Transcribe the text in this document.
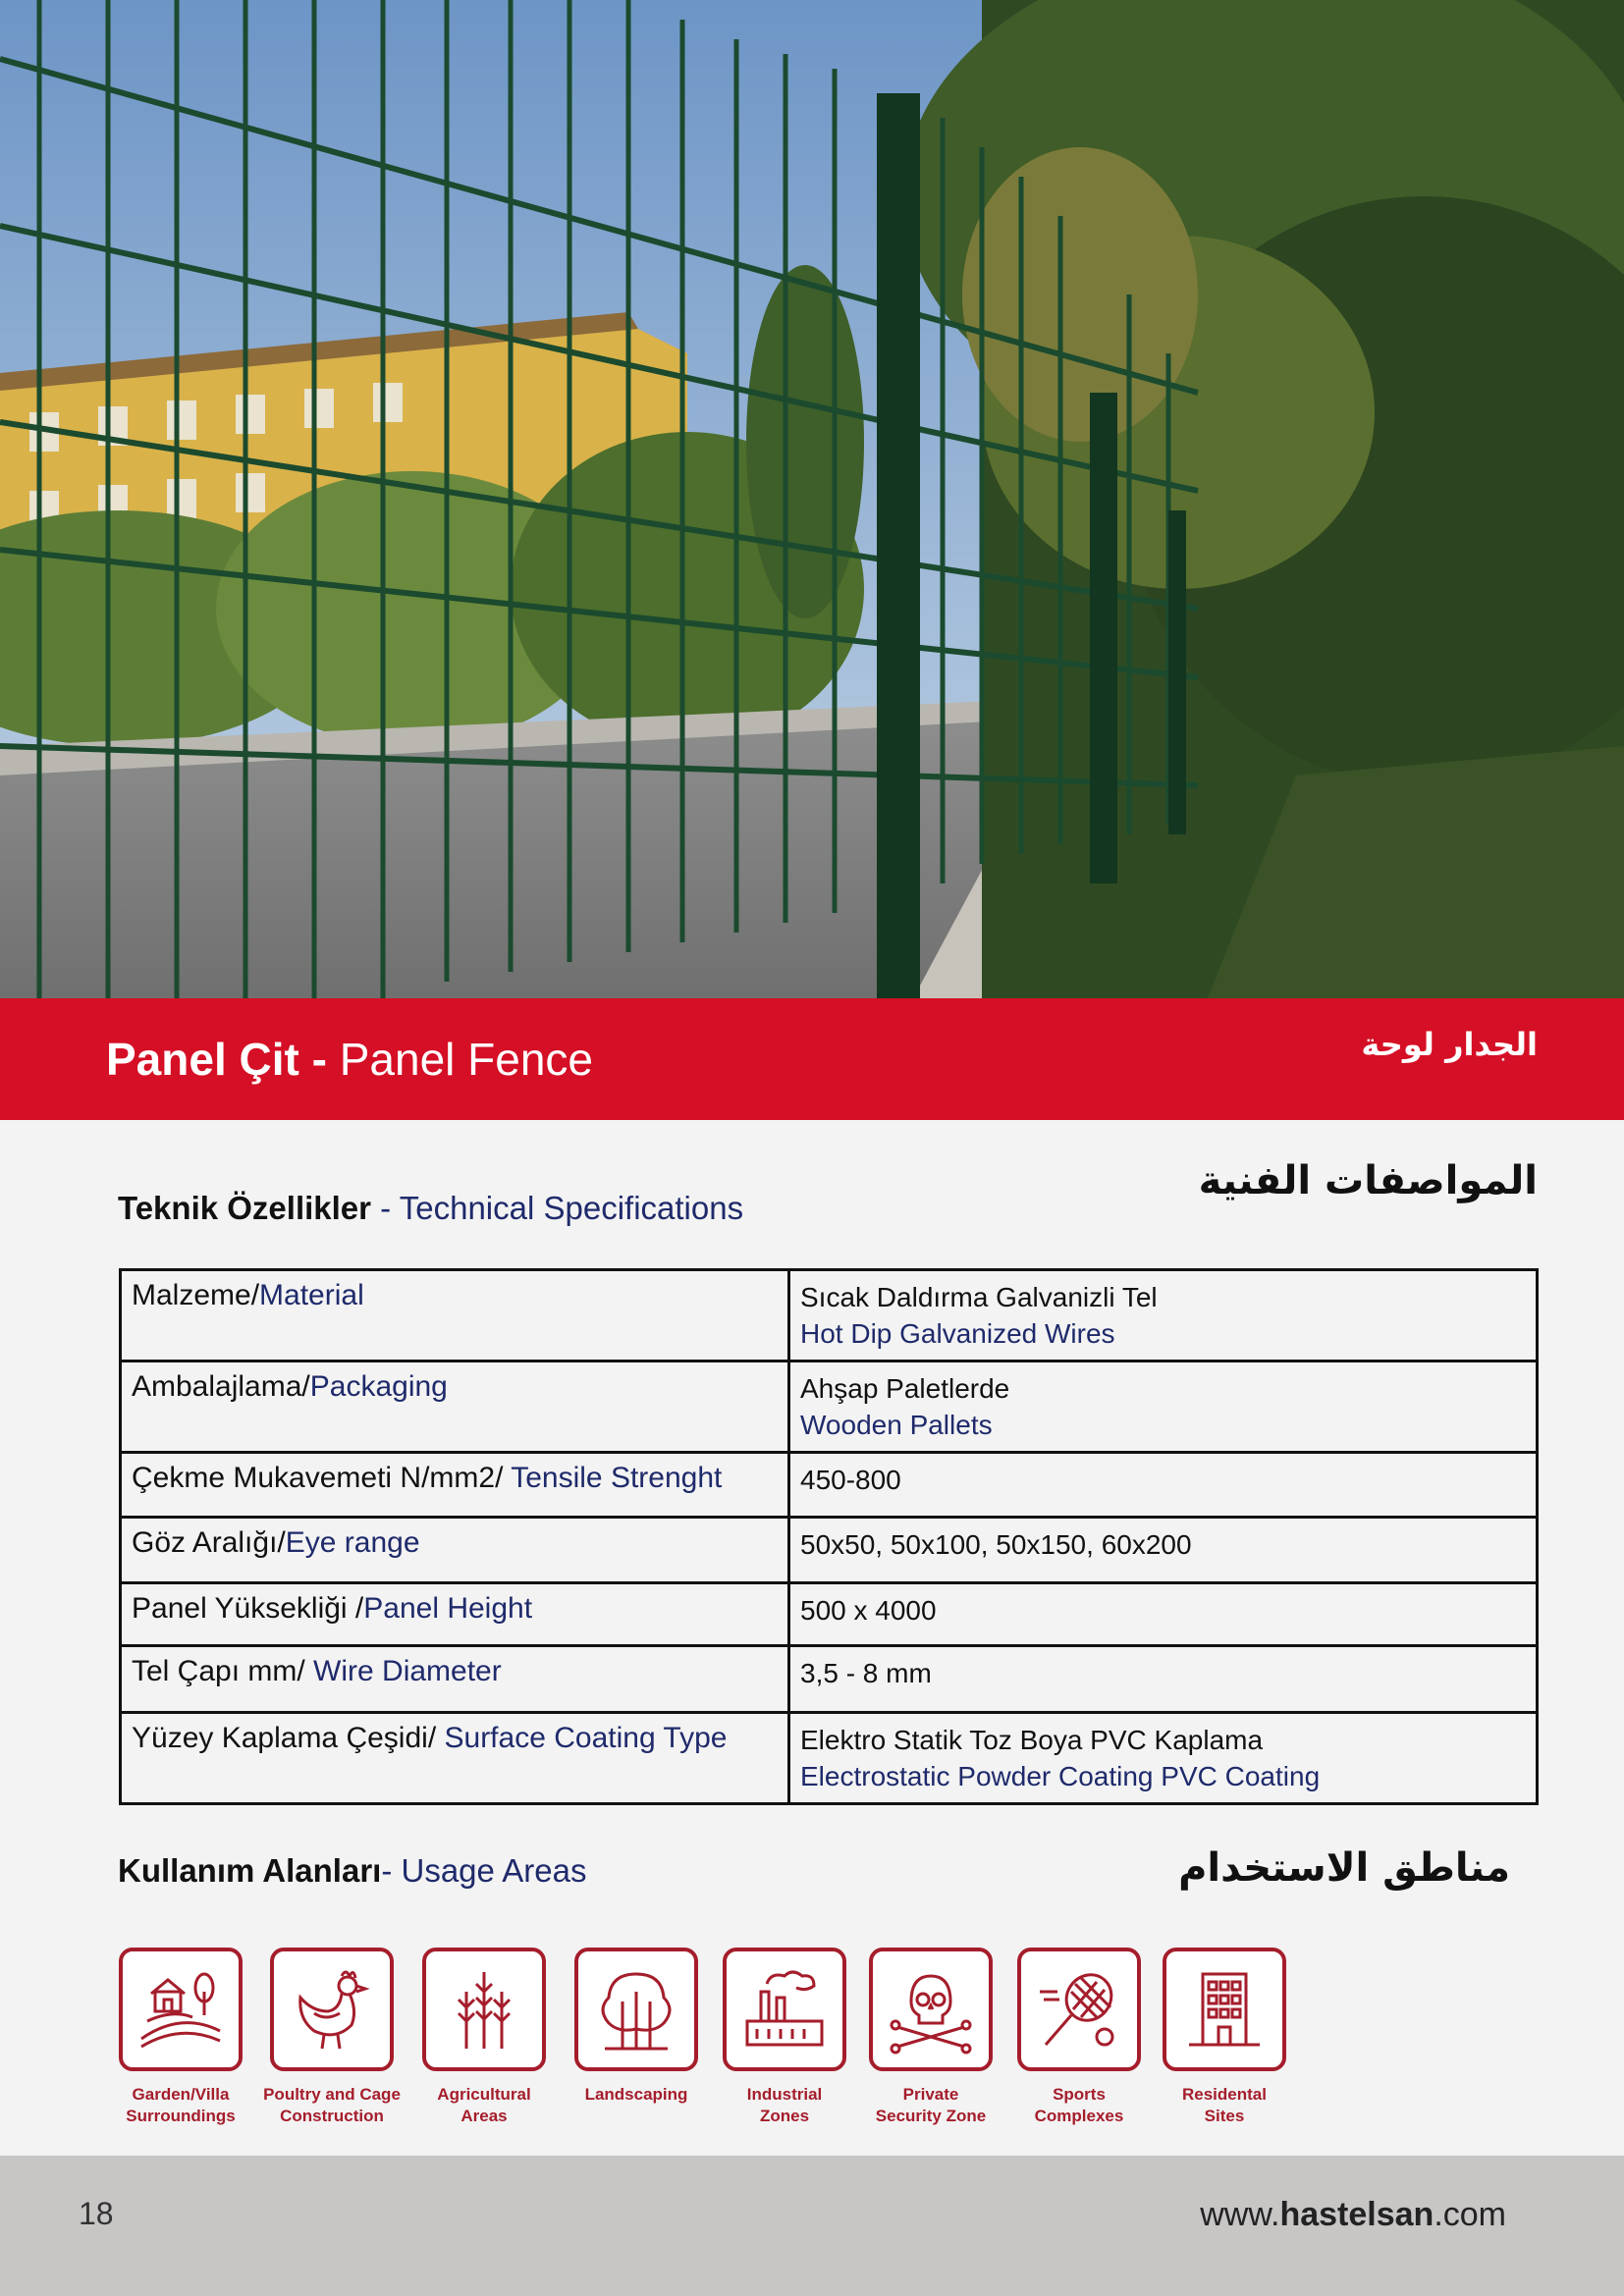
Panel Çit - Panel Fence	الجدار لوحة
Teknik Özellikler - Technical Specifications
المواصفات الفنية
Malzeme/Material	Sıcak Daldırma Galvanizli Tel
Hot Dip Galvanized Wires

Ambalajlama/Packaging	Ahşap Paletlerde
Wooden Pallets

Çekme Mukavemeti N/mm2/ Tensile Strenght	450-800

Göz Aralığı/Eye range	50x50, 50x100, 50x150, 60x200

Panel Yüksekliği /Panel Height	500 x 4000

Tel Çapı mm/ Wire Diameter	3,5 - 8 mm

Yüzey Kaplama Çeşidi/ Surface Coating Type	Elektro Statik Toz Boya PVC Kaplama
Electrostatic Powder Coating PVC Coating
Kullanım Alanları- Usage Areas	مناطق الاستخدام
Garden/Villa
Surroundings
Poultry and Cage
Construction
Agricultural
Areas
Landscaping	Industrial
Zones
Private
Security Zone
Sports
Complexes
Residental
Sites
18	www.hastelsan.com
